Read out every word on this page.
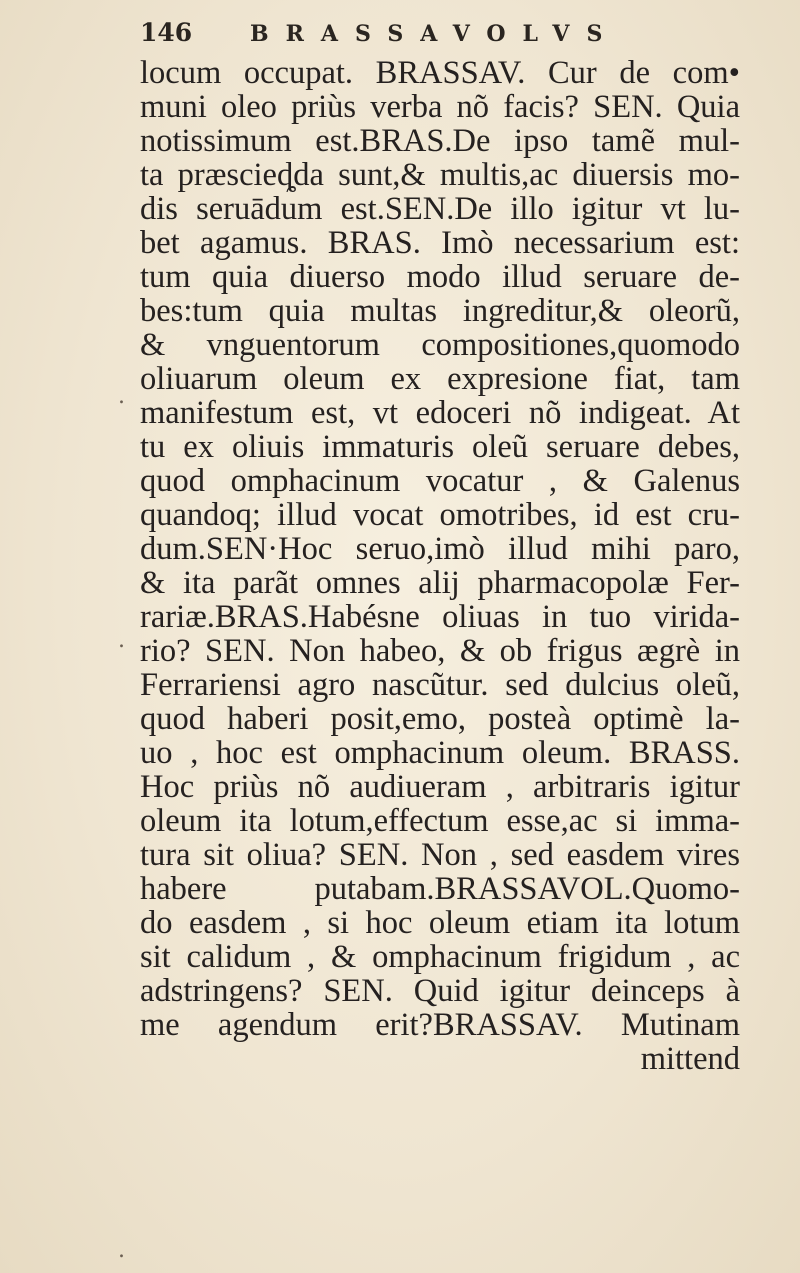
146	BRASSAVOLVS
.
.
.
locum occupat. BRASSAV. Cur de com•
muni oleo priùs verba nõ facis? SEN. Quia
notissimum est.BRAS.De ipso tamẽ mul-
ta præscieȡda sunt,& multis,ac diuersis mo-
dis seruādum est.SEN.De illo igitur vt lu-
bet agamus. BRAS. Imò necessarium est:
tum quia diuerso modo illud seruare de-
bes:tum quia multas ingreditur,& oleorũ,
& vnguentorum compositiones,quomodo
oliuarum oleum ex expresione fiat, tam
manifestum est, vt edoceri nõ indigeat. At
tu ex oliuis immaturis oleũ seruare debes,
quod omphacinum vocatur , & Galenus
quandoq; illud vocat omotribes, id est cru-
dum.SEN·Hoc seruo,imò illud mihi paro,
& ita parãt omnes alij pharmacopolæ Fer-
rariæ.BRAS.Habésne oliuas in tuo virida-
rio? SEN. Non habeo, & ob frigus ægrè in
Ferrariensi agro nascũtur. sed dulcius oleũ,
quod haberi posit,emo, posteà optimè la-
uo , hoc est omphacinum oleum. BRASS.
Hoc priùs nõ audiueram , arbitraris igitur
oleum ita lotum,effectum esse,ac si imma-
tura sit oliua? SEN. Non , sed easdem vires
habere putabam.BRASSAVOL.Quomo-
do easdem , si hoc oleum etiam ita lotum
sit calidum , & omphacinum frigidum , ac
adstringens? SEN. Quid igitur deinceps à
me agendum erit?BRASSAV. Mutinam
mittend
